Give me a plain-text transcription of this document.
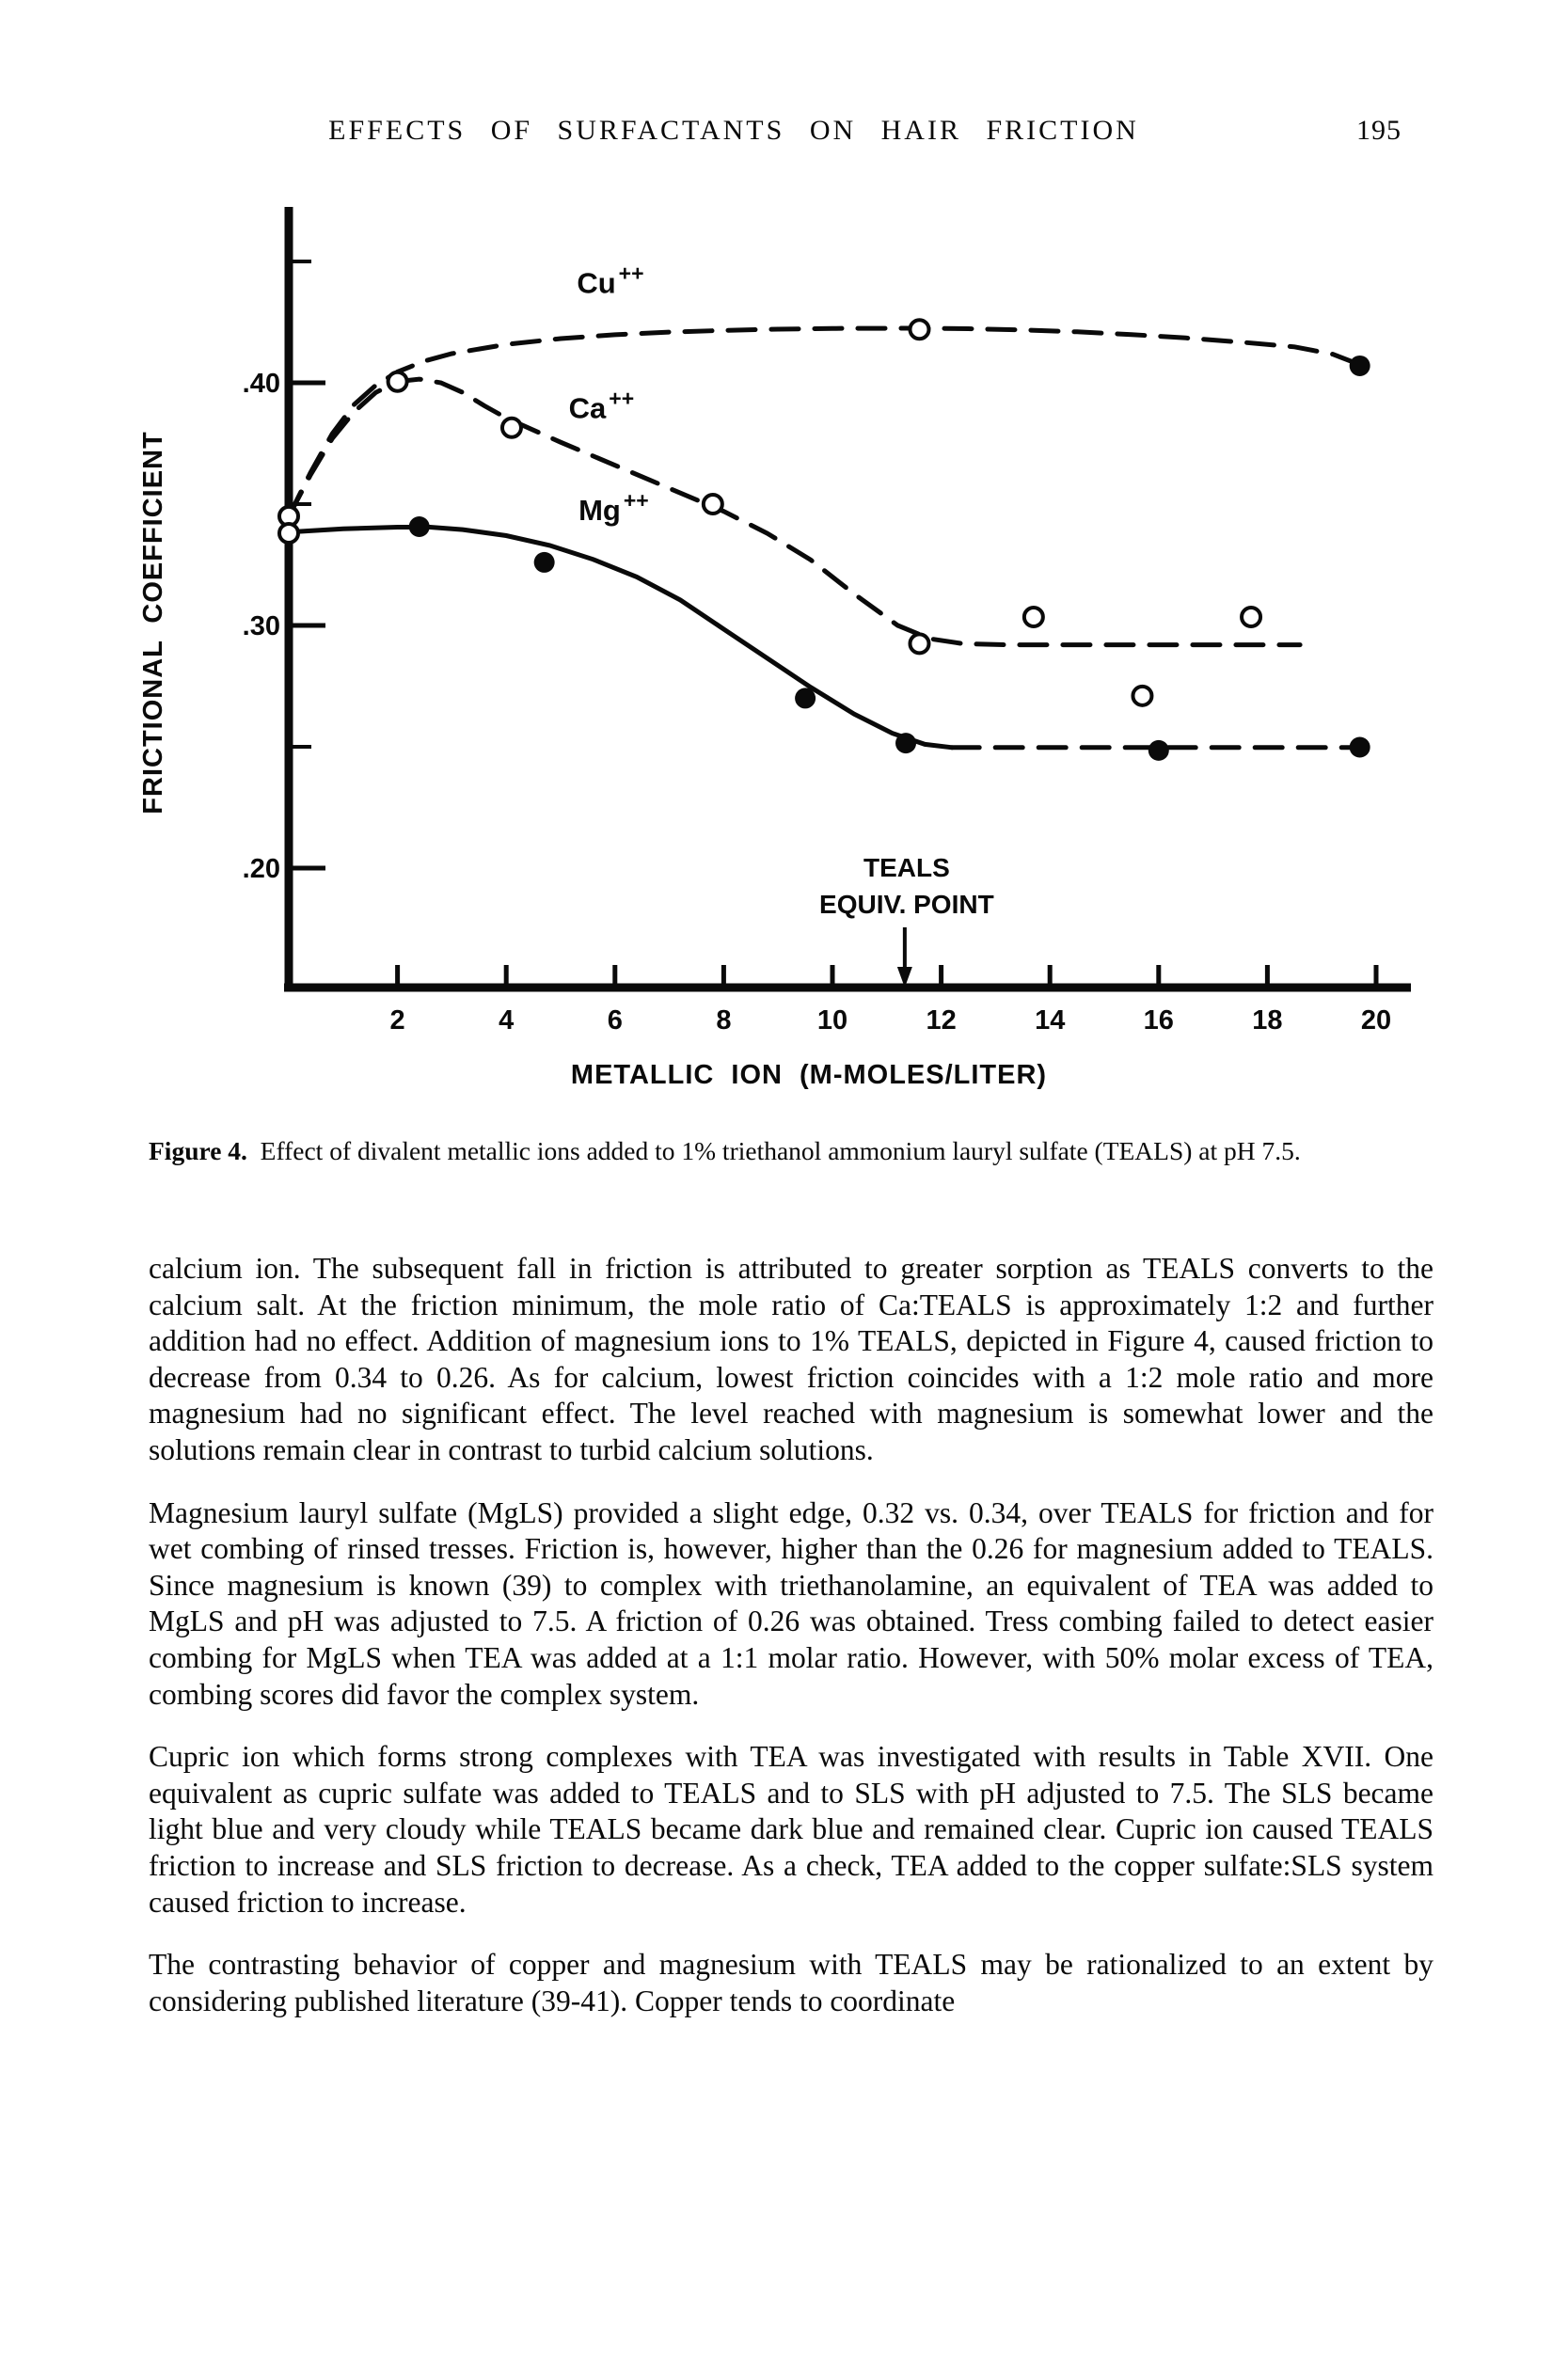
EFFECTS OF SURFACTANTS ON HAIR FRICTION	195
.40
.30
.20
2	4	6	8	10	12	14	16	18	20
METALLIC ION (M-MOLES/LITER)
FRICTIONAL COEFFICIENT
Cu ++
Ca ++
Mg ++
TEALS
EQUIV. POINT
Figure 4. Effect of divalent metallic ions added to 1% triethanol ammonium lauryl sulfate (TEALS) at pH 7.5.

calcium ion. The subsequent fall in friction is attributed to greater sorption as TEALS converts to the calcium salt. At the friction minimum, the mole ratio of Ca:TEALS is approximately 1:2 and further addition had no effect. Addition of magnesium ions to 1% TEALS, depicted in Figure 4, caused friction to decrease from 0.34 to 0.26. As for calcium, lowest friction coincides with a 1:2 mole ratio and more magnesium had no significant effect. The level reached with magnesium is somewhat lower and the solutions remain clear in contrast to turbid calcium solutions.

Magnesium lauryl sulfate (MgLS) provided a slight edge, 0.32 vs. 0.34, over TEALS for friction and for wet combing of rinsed tresses. Friction is, however, higher than the 0.26 for magnesium added to TEALS. Since magnesium is known (39) to complex with triethanolamine, an equivalent of TEA was added to MgLS and pH was adjusted to 7.5. A friction of 0.26 was obtained. Tress combing failed to detect easier combing for MgLS when TEA was added at a 1:1 molar ratio. However, with 50% molar excess of TEA, combing scores did favor the complex system.

Cupric ion which forms strong complexes with TEA was investigated with results in Table XVII. One equivalent as cupric sulfate was added to TEALS and to SLS with pH adjusted to 7.5. The SLS became light blue and very cloudy while TEALS became dark blue and remained clear. Cupric ion caused TEALS friction to increase and SLS friction to decrease. As a check, TEA added to the copper sulfate:SLS system caused friction to increase.

The contrasting behavior of copper and magnesium with TEALS may be rationalized to an extent by considering published literature (39-41). Copper tends to coordinate
